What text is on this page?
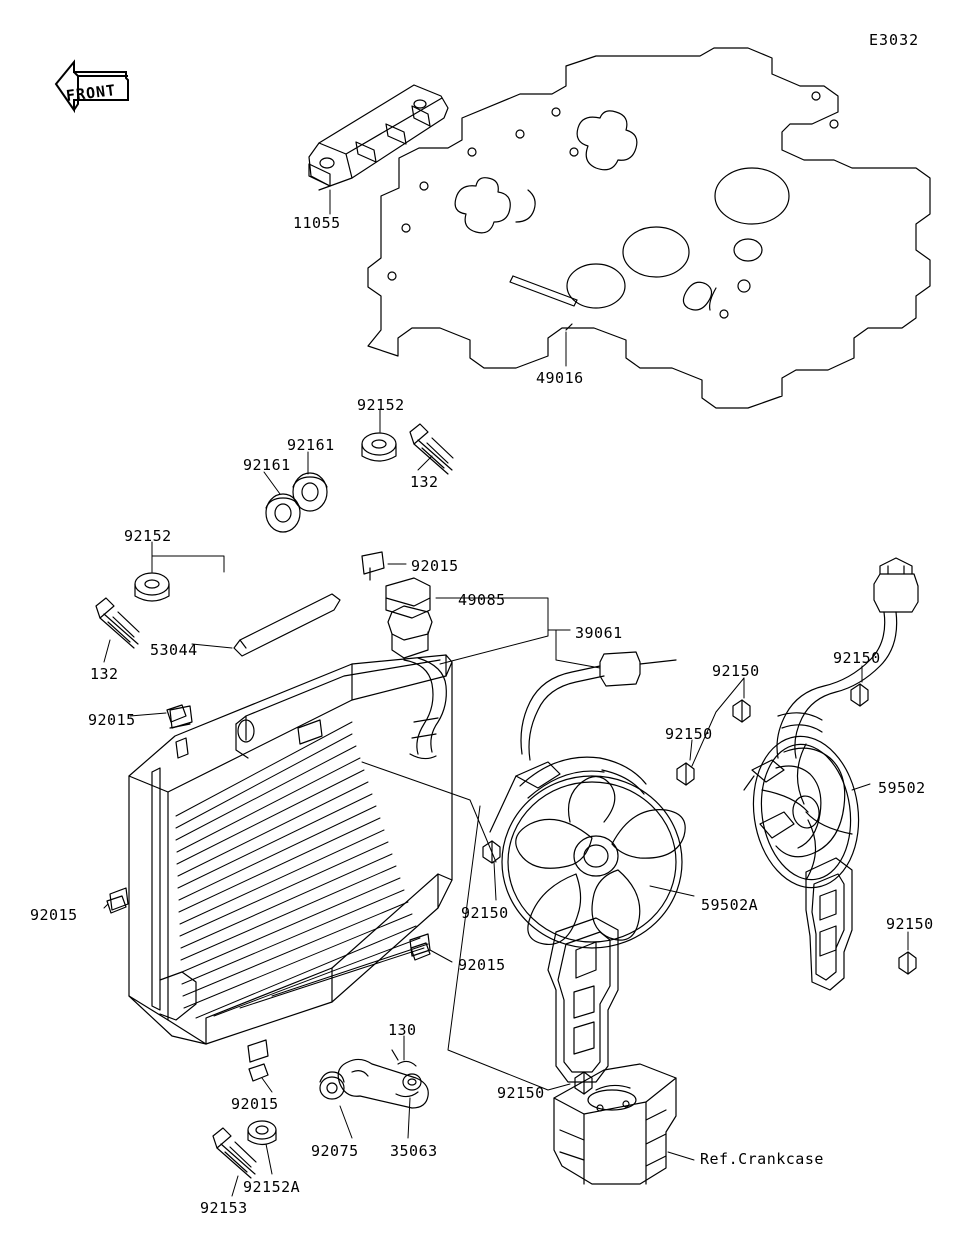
E3032
FRONT
11055
49016
92152
132
92161
92161
92152
132
53044
92015
49085
39061
92015
92015
92015
92015
92150
92150
92150
92150
92150
92150
59502
59502A
130
92075 35063
92152A
92153
Ref.Crankcase
